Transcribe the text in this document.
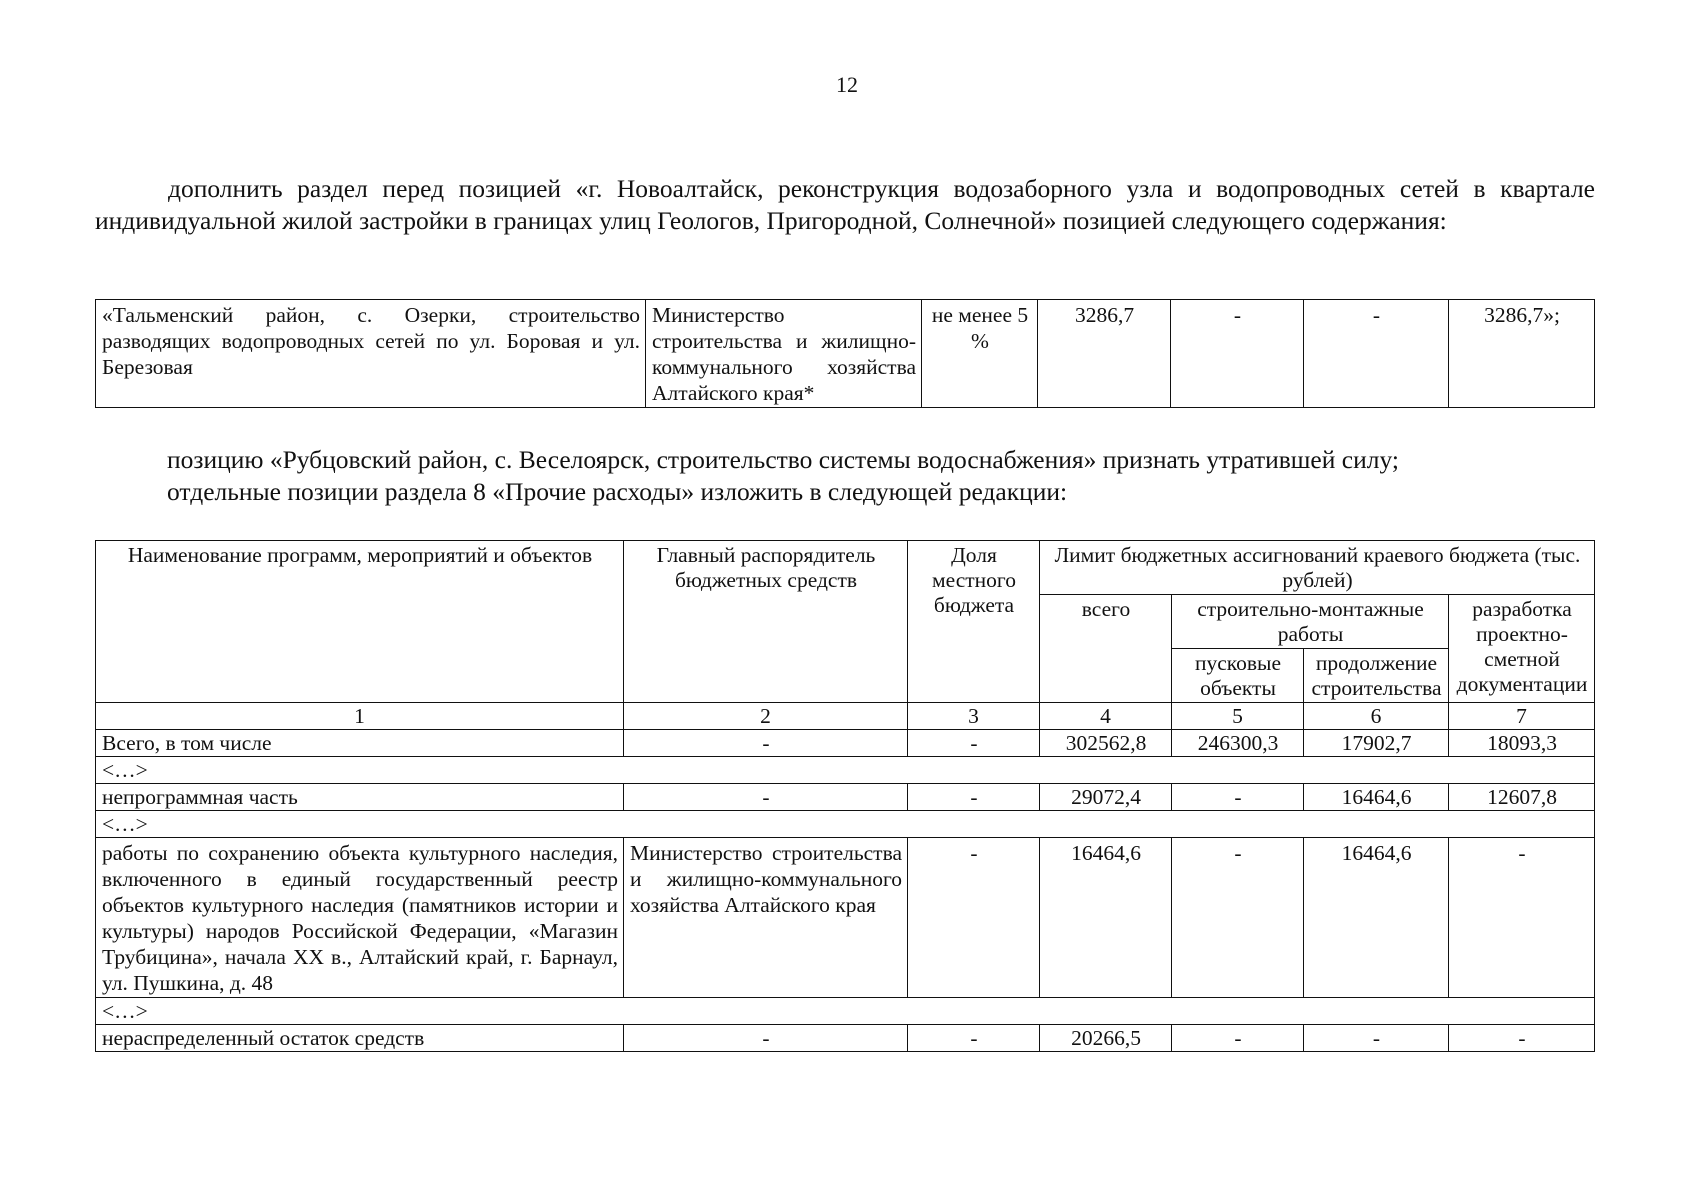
12

дополнить раздел перед позицией «г. Новоалтайск, реконструкция водозаборного узла и водопроводных сетей в квартале индивидуальной жилой застройки в границах улиц Геологов, Пригородной, Солнечной» позицией следующего содержания:

«Тальменский район, с. Озерки, строительство разводящих водопроводных сетей по ул. Боровая и ул. Березовая	Министерство строительства и жилищно-коммунального хозяйства Алтайского края*	не менее 5 %	3286,7	-	-	3286,7»;

позицию «Рубцовский район, с. Веселоярск, строительство системы водоснабжения» признать утратившей силу;

отдельные позиции раздела 8 «Прочие расходы» изложить в следующей редакции:

Наименование программ, мероприятий и объектов	Главный распорядитель бюджетных средств	Доля местного бюджета	Лимит бюджетных ассигнований краевого бюджета (тыс. рублей)			
			всего	строительно-монтажные работы		разработка проектно-сметной документации
				пусковые объекты	продолжение строительства	
1	2	3	4	5	6	7
Всего, в том числе	-	-	302562,8	246300,3	17902,7	18093,3
<…>						
непрограммная часть	-	-	29072,4	-	16464,6	12607,8
<…>						
работы по сохранению объекта культурного наследия, включенного в единый государственный реестр объектов культурного наследия (памятников истории и культуры) народов Российской Федерации, «Магазин Трубицина», начала XX в., Алтайский край, г. Барнаул, ул. Пушкина, д. 48	Министерство строительства и жилищно-коммунального хозяйства Алтайского края	-	16464,6	-	16464,6	-
<…>						
нераспределенный остаток средств	-	-	20266,5	-	-	-
